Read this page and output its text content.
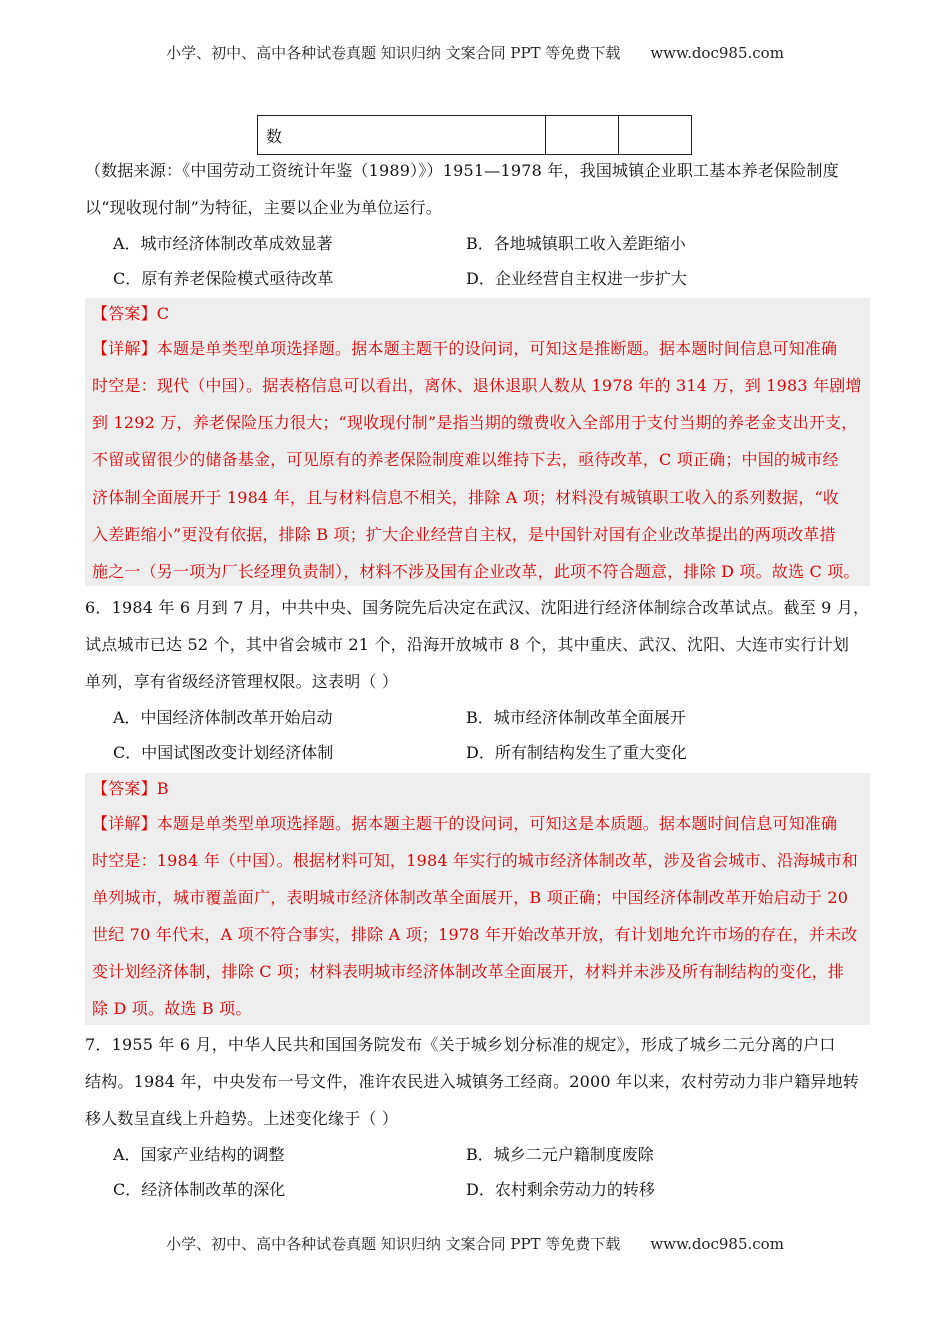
小学、初中、高中各种试卷真题 知识归纳 文案合同 PPT 等免费下载 www.doc985.com
数		
（数据来源：《中国劳动工资统计年鉴（1989）》）1951—1978 年，我国城镇企业职工基本养老保险制度
以“现收现付制”为特征，主要以企业为单位运行。
A．城市经济体制改革成效显著	B．各地城镇职工收入差距缩小
C．原有养老保险模式亟待改革	D．企业经营自主权进一步扩大
【答案】C
【详解】本题是单类型单项选择题。据本题主题干的设问词，可知这是推断题。据本题时间信息可知准确
时空是：现代（中国）。据表格信息可以看出，离休、退休退职人数从 1978 年的 314 万，到 1983 年剧增
到 1292 万，养老保险压力很大；“现收现付制”是指当期的缴费收入全部用于支付当期的养老金支出开支，
不留或留很少的储备基金，可见原有的养老保险制度难以维持下去，亟待改革，C 项正确；中国的城市经
济体制全面展开于 1984 年，且与材料信息不相关，排除 A 项；材料没有城镇职工收入的系列数据，“收
入差距缩小”更没有依据，排除 B 项；扩大企业经营自主权，是中国针对国有企业改革提出的两项改革措
施之一（另一项为厂长经理负责制），材料不涉及国有企业改革，此项不符合题意，排除 D 项。故选 C 项。
6．1984 年 6 月到 7 月，中共中央、国务院先后决定在武汉、沈阳进行经济体制综合改革试点。截至 9 月，
试点城市已达 52 个，其中省会城市 21 个，沿海开放城市 8 个，其中重庆、武汉、沈阳、大连市实行计划
单列，享有省级经济管理权限。这表明（ ）
A．中国经济体制改革开始启动	B．城市经济体制改革全面展开
C．中国试图改变计划经济体制	D．所有制结构发生了重大变化
【答案】B
【详解】本题是单类型单项选择题。据本题主题干的设问词，可知这是本质题。据本题时间信息可知准确
时空是：1984 年（中国）。根据材料可知，1984 年实行的城市经济体制改革，涉及省会城市、沿海城市和
单列城市，城市覆盖面广，表明城市经济体制改革全面展开，B 项正确；中国经济体制改革开始启动于 20
世纪 70 年代末，A 项不符合事实，排除 A 项；1978 年开始改革开放，有计划地允许市场的存在，并未改
变计划经济体制，排除 C 项；材料表明城市经济体制改革全面展开，材料并未涉及所有制结构的变化，排
除 D 项。故选 B 项。
7．1955 年 6 月，中华人民共和国国务院发布《关于城乡划分标准的规定》，形成了城乡二元分离的户口
结构。1984 年，中央发布一号文件，准许农民进入城镇务工经商。2000 年以来，农村劳动力非户籍异地转
移人数呈直线上升趋势。上述变化缘于（ ）
A．国家产业结构的调整	B．城乡二元户籍制度废除
C．经济体制改革的深化	D．农村剩余劳动力的转移
小学、初中、高中各种试卷真题 知识归纳 文案合同 PPT 等免费下载 www.doc985.com
